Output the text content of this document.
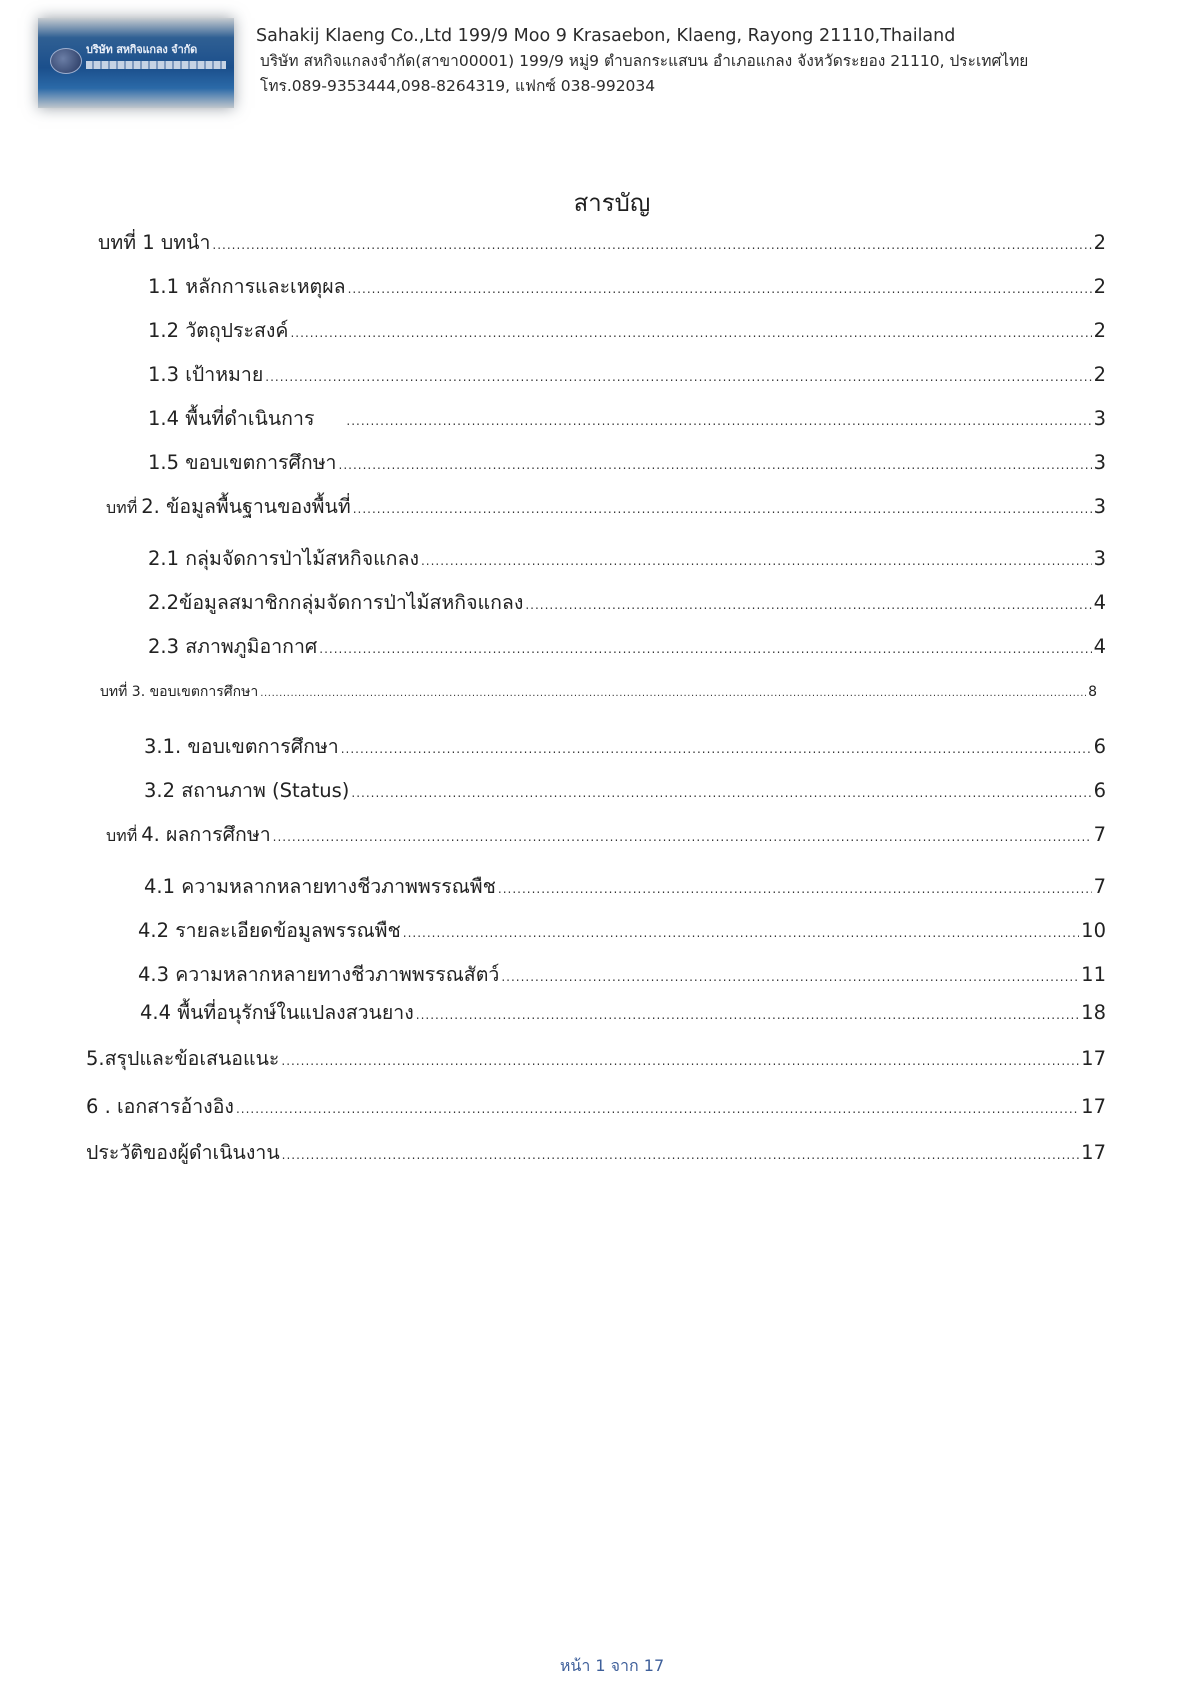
บริษัท สหกิจแกลง จำกัด
Sahakij Klaeng Co.,Ltd 199/9 Moo 9 Krasaebon, Klaeng, Rayong 21110,Thailand
บริษัท สหกิจแกลงจำกัด(สาขา00001) 199/9 หมู่9 ตำบลกระแสบน อำเภอแกลง จังหวัดระยอง 21110, ประเทศไทย
โทร.089-9353444,098-8264319, แฟกซ์ 038-992034
สารบัญ
บทที่ 1 บทนำ .....	2
1.1 หลักการและเหตุผล .....	2
1.2 วัตถุประสงค์ .....	2
1.3 เป้าหมาย .....	2
1.4 พื้นที่ดำเนินการ .....	3
1.5 ขอบเขตการศึกษา .....	3
บทที่ 2. ข้อมูลพื้นฐานของพื้นที่ .....	3
2.1 กลุ่มจัดการป่าไม้สหกิจแกลง .....	3
2.2ข้อมูลสมาชิกกลุ่มจัดการป่าไม้สหกิจแกลง .....	4
2.3 สภาพภูมิอากาศ .....	4
บทที่ 3. ขอบเขตการศึกษา .....	8
3.1. ขอบเขตการศึกษา .....	6
3.2 สถานภาพ (Status) .....	6
บทที่ 4. ผลการศึกษา .....	7
4.1 ความหลากหลายทางชีวภาพพรรณพืช .....	7
4.2 รายละเอียดข้อมูลพรรณพืช .....	10
4.3 ความหลากหลายทางชีวภาพพรรณสัตว์ .....	11
4.4 พื้นที่อนุรักษ์ในแปลงสวนยาง .....	18
5.สรุปและข้อเสนอแนะ .....	17
6 . เอกสารอ้างอิง .....	17
ประวัติของผู้ดำเนินงาน .....	17
หน้า 1 จาก 17
